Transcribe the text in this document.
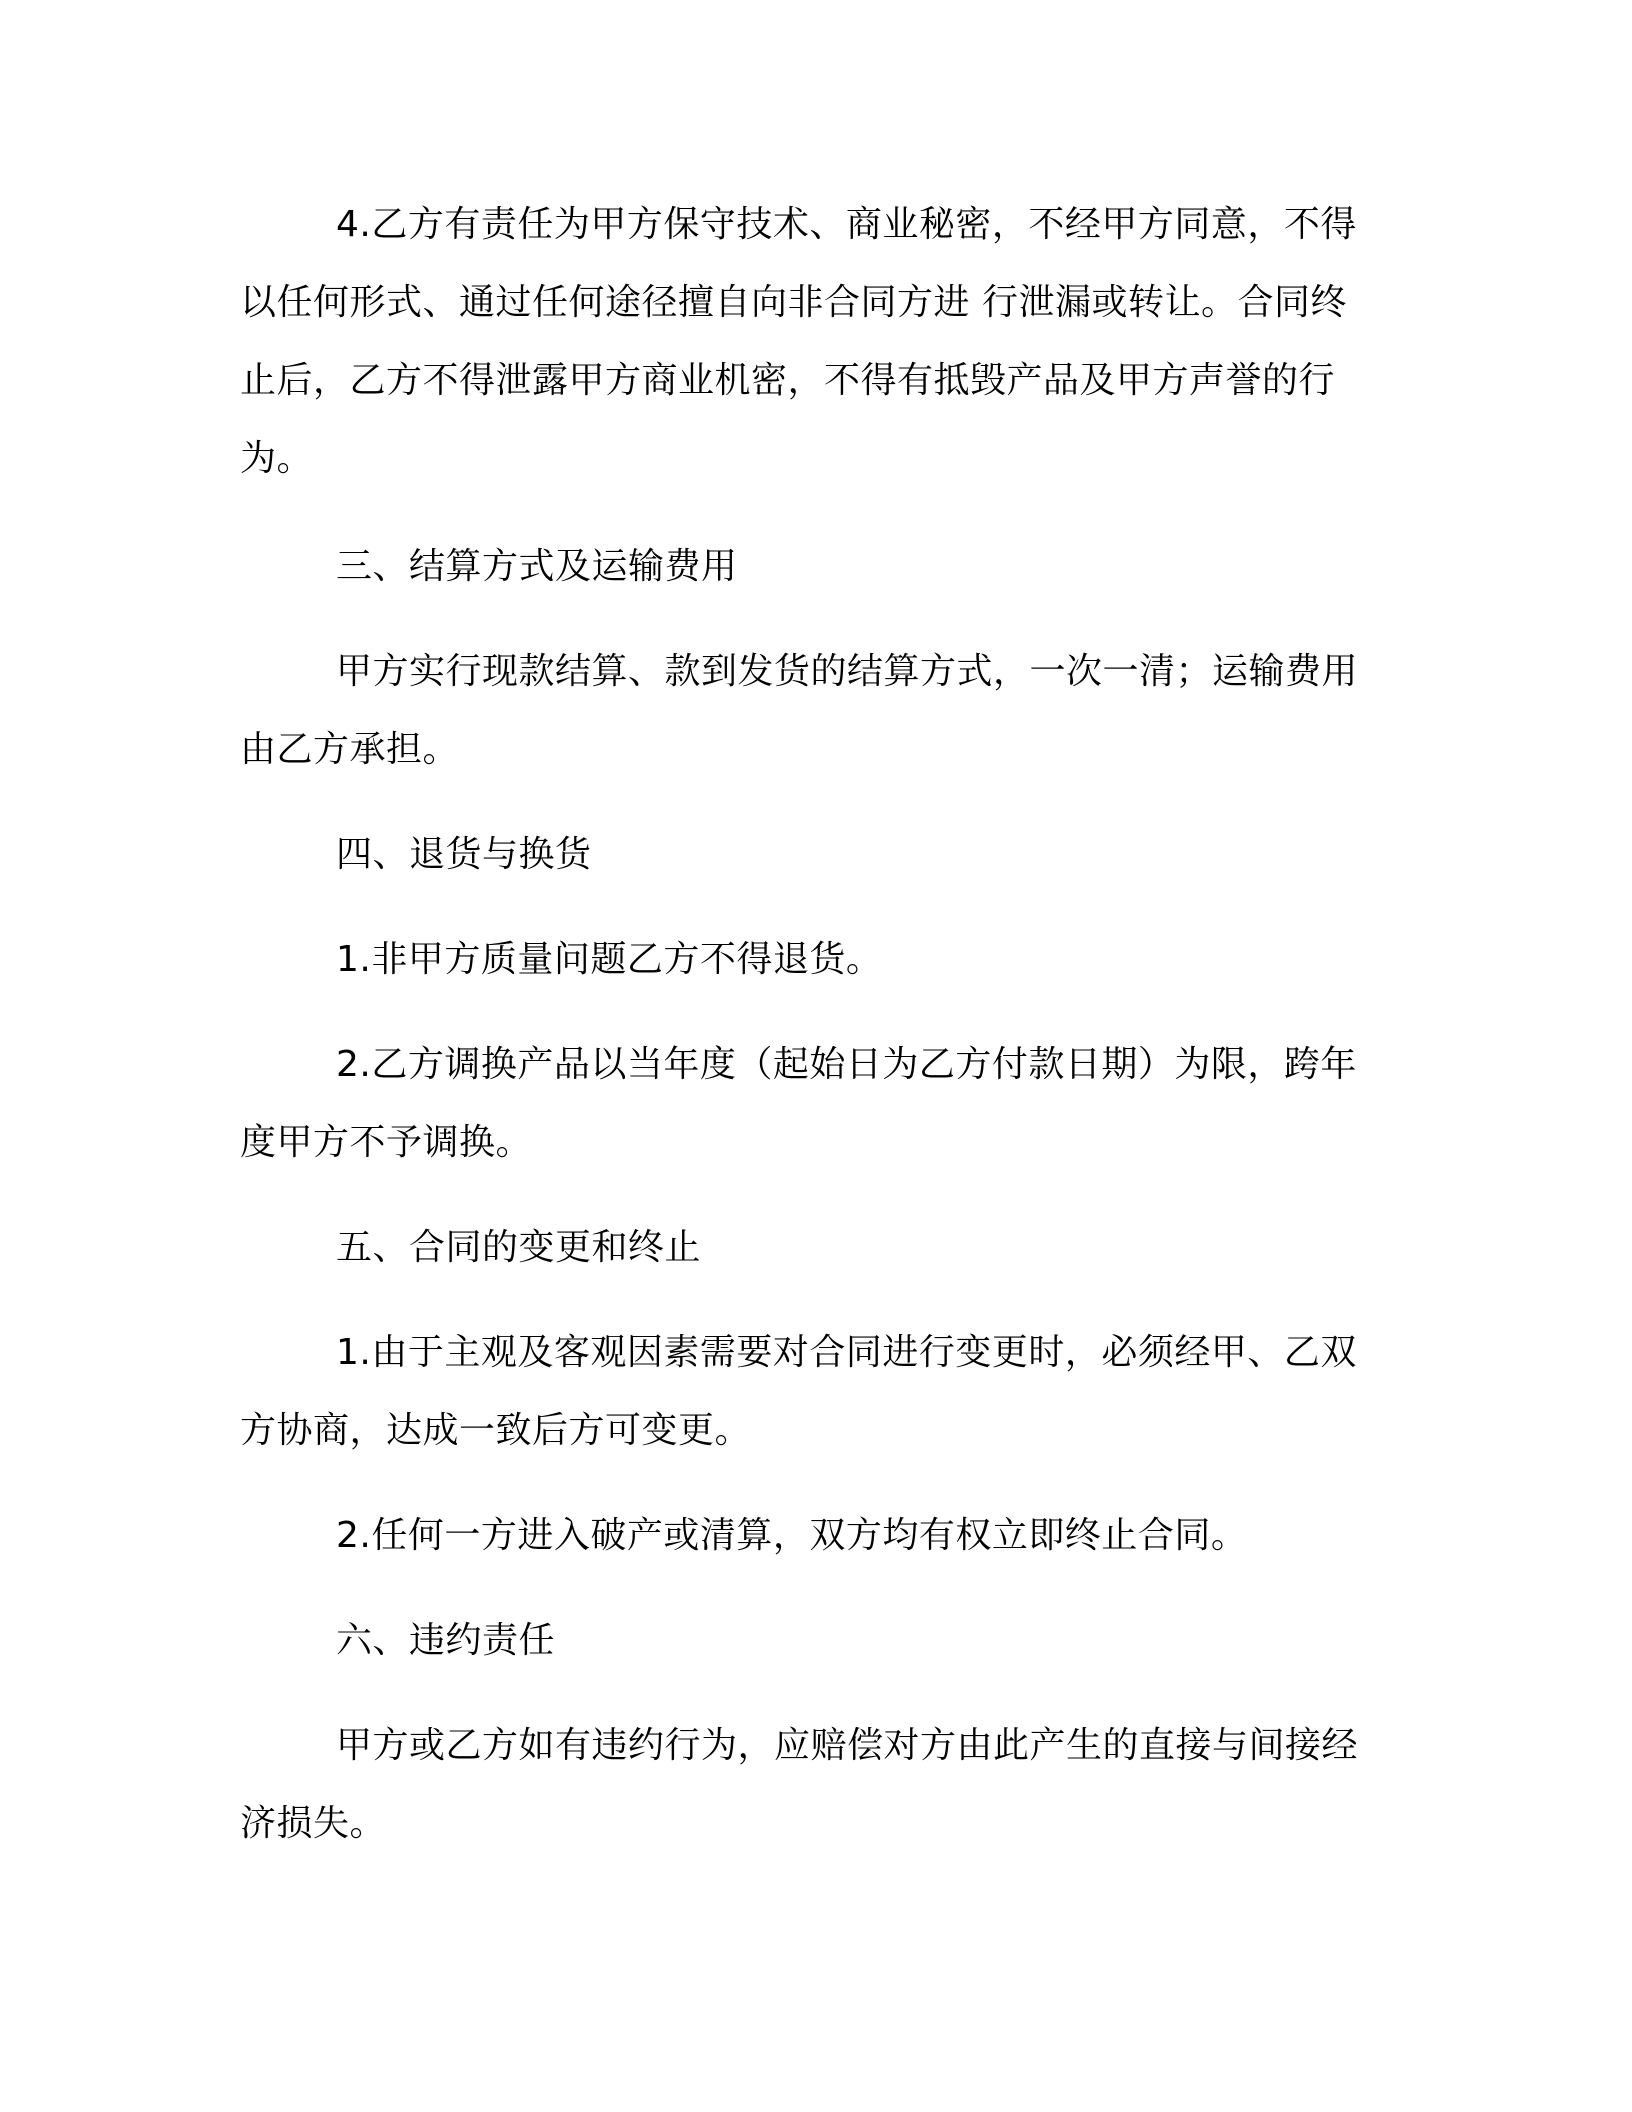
4.乙方有责任为甲方保守技术、商业秘密，不经甲方同意，不得以任何形式、通过任何途径擅自向非合同方进 行泄漏或转让。合同终止后，乙方不得泄露甲方商业机密，不得有抵毁产品及甲方声誉的行为。

三、结算方式及运输费用

甲方实行现款结算、款到发货的结算方式，一次一清；运输费用由乙方承担。

四、退货与换货

1.非甲方质量问题乙方不得退货。

2.乙方调换产品以当年度（起始日为乙方付款日期）为限，跨年度甲方不予调换。

五、合同的变更和终止

1.由于主观及客观因素需要对合同进行变更时，必须经甲、乙双方协商，达成一致后方可变更。

2.任何一方进入破产或清算，双方均有权立即终止合同。

六、违约责任

甲方或乙方如有违约行为，应赔偿对方由此产生的直接与间接经济损失。
